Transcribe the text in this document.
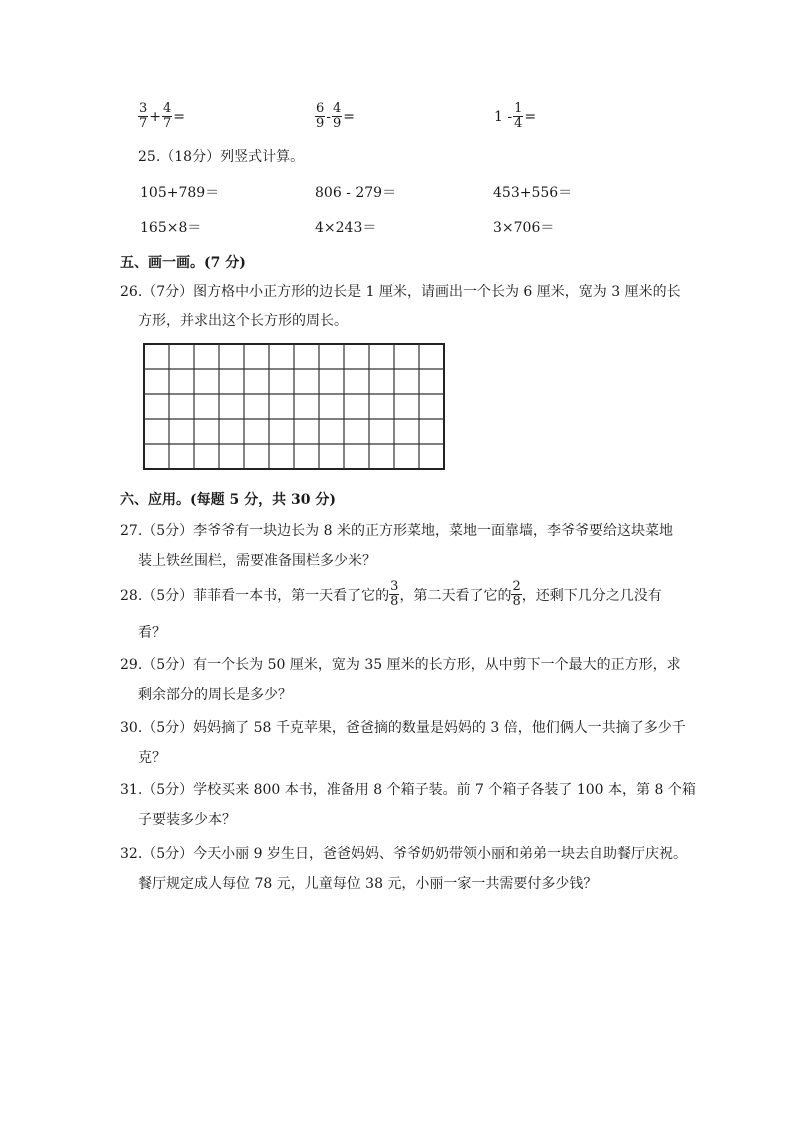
$\frac{3}{7} + \frac{4}{7}$ =	$\frac{6}{9} - \frac{4}{9}$ =	$1 - \frac{1}{4}$ =
25.（18分）列竖式计算。
105+789＝	806 - 279＝	453+556＝
165×8＝	4×243＝	3×706＝
五、画一画。(7 分)
26.（7分）图方格中小正方形的边长是 1 厘米，请画出一个长为 6 厘米，宽为 3 厘米的长
方形，并求出这个长方形的周长。
六、应用。(每题 5 分，共 30 分)
27.（5分）李爷爷有一块边长为 8 米的正方形菜地，菜地一面靠墙，李爷爷要给这块菜地
装上铁丝围栏，需要准备围栏多少米？
28.（5分）菲菲看一本书，第一天看了它的 $\frac{3}{8}$ ，第二天看了它的 $\frac{2}{8}$ ，还剩下几分之几没有
看？
29.（5分）有一个长为 50 厘米，宽为 35 厘米的长方形，从中剪下一个最大的正方形，求
剩余部分的周长是多少？
30.（5分）妈妈摘了 58 千克苹果，爸爸摘的数量是妈妈的 3 倍，他们俩人一共摘了多少千
克？
31.（5分）学校买来 800 本书，准备用 8 个箱子装。前 7 个箱子各装了 100 本，第 8 个箱
子要装多少本？
32.（5分）今天小丽 9 岁生日，爸爸妈妈、爷爷奶奶带领小丽和弟弟一块去自助餐厅庆祝。
餐厅规定成人每位 78 元，儿童每位 38 元，小丽一家一共需要付多少钱？
